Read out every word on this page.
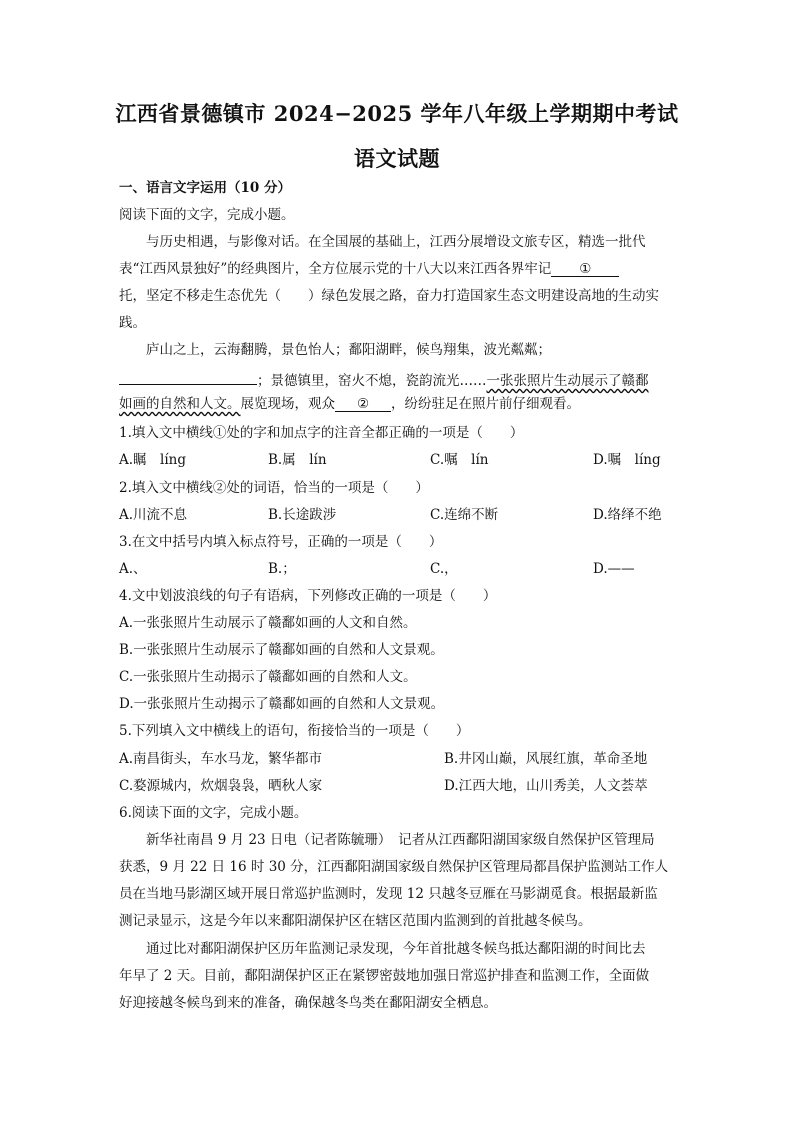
江西省景德镇市 2024−2025 学年八年级上学期期中考试
语文试题
一、语言文字运用（10 分）
阅读下面的文字，完成小题。
与历史相遇，与影像对话。在全国展的基础上，江西分展增设文旅专区，精选一批代
表“江西风景独好”的经典图片，全方位展示党的十八大以来江西各界牢记 ①
托，坚定不移走生态优先（　　）绿色发展之路，奋力打造国家生态文明建设高地的生动实
践。
庐山之上，云海翻腾，景色怡人；鄱阳湖畔，候鸟翔集，波光粼粼；
；景德镇里，窑火不熄，瓷韵流光……一张张照片生动展示了赣鄱
如画的自然和人文。展览现场，观众 ② ，纷纷驻足在照片前仔细观看。
1.填入文中横线①处的字和加点字的注音全都正确的一项是（　　）
A.瞩　líng	B.属　lín	C.嘱　lín	D.嘱　líng
2.填入文中横线②处的词语，恰当的一项是（　　）
A.川流不息	B.长途跋涉	C.连绵不断	D.络绎不绝
3.在文中括号内填入标点符号，正确的一项是（　　）
A.、	B.；	C.，	D.——
4.文中划波浪线的句子有语病，下列修改正确的一项是（　　）
A.一张张照片生动展示了赣鄱如画的人文和自然。
B.一张张照片生动展示了赣鄱如画的自然和人文景观。
C.一张张照片生动揭示了赣鄱如画的自然和人文。
D.一张张照片生动揭示了赣鄱如画的自然和人文景观。
5.下列填入文中横线上的语句，衔接恰当的一项是（　　）
A.南昌街头，车水马龙，繁华都市	B.井冈山巅，风展红旗，革命圣地
C.婺源城内，炊烟袅袅，晒秋人家	D.江西大地，山川秀美，人文荟萃
6.阅读下面的文字，完成小题。
新华社南昌 9 月 23 日电（记者陈毓珊）　记者从江西鄱阳湖国家级自然保护区管理局
获悉，9 月 22 日 16 时 30 分，江西鄱阳湖国家级自然保护区管理局都昌保护监测站工作人
员在当地马影湖区域开展日常巡护监测时，发现 12 只越冬豆雁在马影湖觅食。根据最新监
测记录显示，这是今年以来鄱阳湖保护区在辖区范围内监测到的首批越冬候鸟。
通过比对鄱阳湖保护区历年监测记录发现，今年首批越冬候鸟抵达鄱阳湖的时间比去
年早了 2 天。目前，鄱阳湖保护区正在紧锣密鼓地加强日常巡护排查和监测工作，全面做
好迎接越冬候鸟到来的准备，确保越冬鸟类在鄱阳湖安全栖息。
